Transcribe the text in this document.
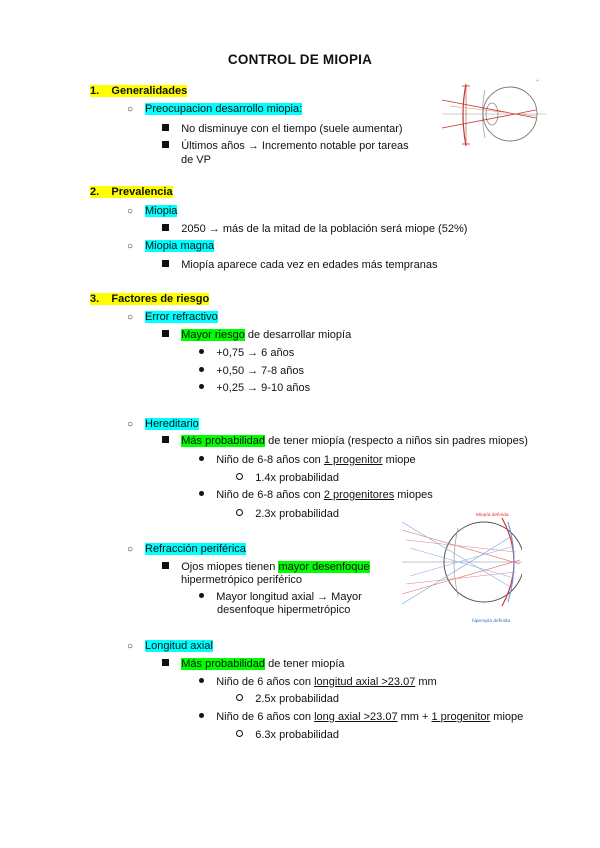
CONTROL DE MIOPIA
1. Generalidades
○ Preocupacion desarrollo miopia:
No disminuye con el tiempo (suele aumentar)
Últimos años → Incremento notable por tareas
de VP
+
2. Prevalencia
○ Miopia
2050 → más de la mitad de la población será miope (52%)
○ Miopia magna
Miopía aparece cada vez en edades más tempranas
3. Factores de riesgo
○ Error refractivo
Mayor riesgo de desarrollar miopía
+0,75 → 6 años
+0,50 → 7-8 años
+0,25 → 9-10 años
○ Hereditario
Más probabilidad de tener miopía (respecto a niños sin padres miopes)
Niño de 6-8 años con 1 progenitor miope
1.4x probabilidad
Niño de 6-8 años con 2 progenitores miopes
2.3x probabilidad
○ Refracción periférica
Ojos miopes tienen mayor desenfoque
hipermetrópico periférico
Mayor longitud axial → Mayor
desenfoque hipermetrópico
Miopía definida
hiperopía definida
○ Longitud axial
Más probabilidad de tener miopía
Niño de 6 años con longitud axial >23.07 mm
2.5x probabilidad
Niño de 6 años con long axial >23.07 mm + 1 progenitor miope
6.3x probabilidad
